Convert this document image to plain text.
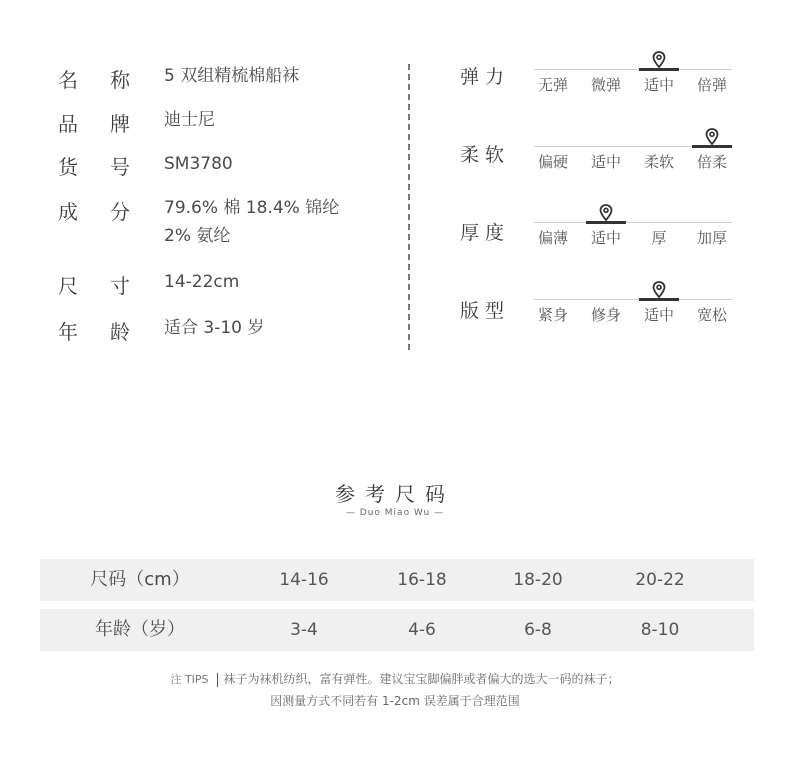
名 称 5 双组精梳棉船袜
品 牌 迪士尼
货 号 SM3780
成 分 79.6% 棉 18.4% 锦纶
2% 氨纶
尺 寸 14-22cm
年 龄 适合 3-10 岁
弹力	无弹	微弹	适中	倍弹
柔软	偏硬	适中	柔软	倍柔
厚度	偏薄	适中	厚	加厚
版型	紧身	修身	适中	宽松
参考尺码
— Duo Miao Wu —
尺码（cm）	14-16	16-18	18-20	20-22
年龄（岁）	3-4	4-6	6-8	8-10
注 TIPS 袜子为袜机纺织，富有弹性。建议宝宝脚偏胖或者偏大的选大一码的袜子；
因测量方式不同若有 1-2cm 误差属于合理范围
